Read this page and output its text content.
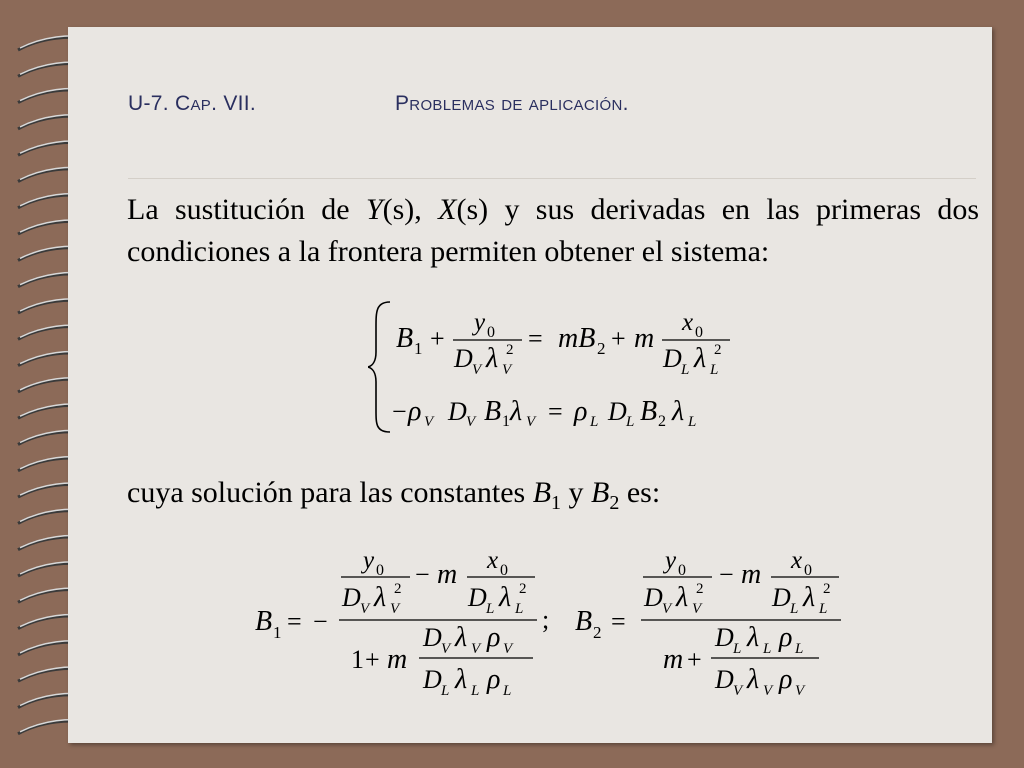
U-7. Cap. VII.	Problemas de aplicación.
La sustitución de Y(s), X(s) y sus derivadas en las primeras dos condiciones a la frontera permiten obtener el sistema:
B 1 +
y 0
D V λ V
2 = mB 2 + m
x 0
D L λ L
2
− ρ V D V B 1 λ V = ρ L D L B 2 λ L
cuya solución para las constantes $B_1$ y $B_2$ es:
B 1 = −
y 0
D V λ V
2 − m x 0
D L λ L
2
;
1 + m
D V λ V ρ V
D L λ L ρ L
B 2 =
y 0
D V λ V
2 − m x 0
D L λ L
2
m +
D L λ L ρ L
D V λ V ρ V
